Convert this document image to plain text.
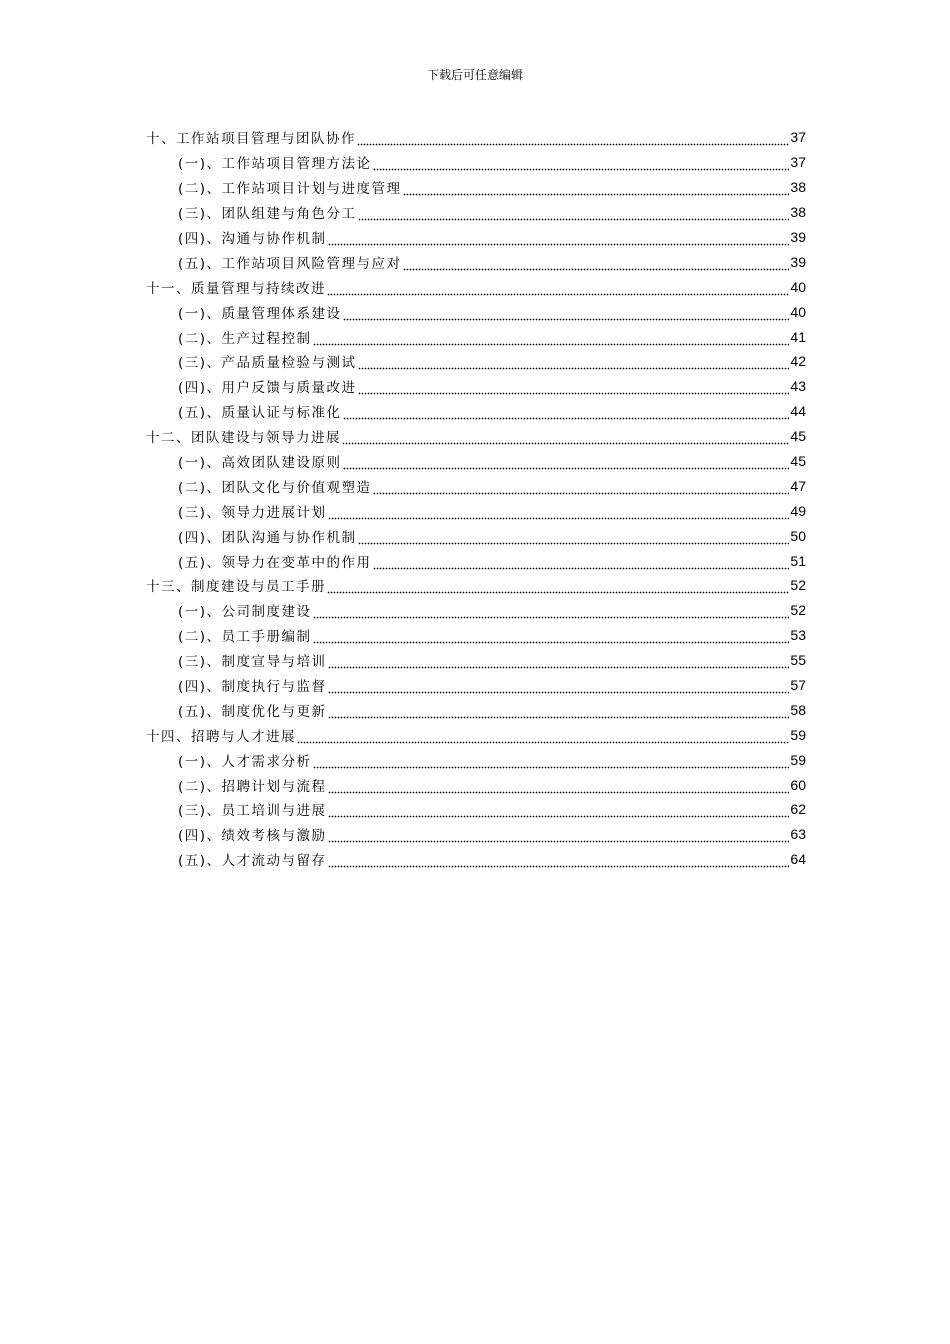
下载后可任意编辑
十、工作站项目管理与团队协作	37
(一)、工作站项目管理方法论	37
(二)、工作站项目计划与进度管理	38
(三)、团队组建与角色分工	38
(四)、沟通与协作机制	39
(五)、工作站项目风险管理与应对	39
十一、质量管理与持续改进	40
(一)、质量管理体系建设	40
(二)、生产过程控制	41
(三)、产品质量检验与测试	42
(四)、用户反馈与质量改进	43
(五)、质量认证与标准化	44
十二、团队建设与领导力进展	45
(一)、高效团队建设原则	45
(二)、团队文化与价值观塑造	47
(三)、领导力进展计划	49
(四)、团队沟通与协作机制	50
(五)、领导力在变革中的作用	51
十三、制度建设与员工手册	52
(一)、公司制度建设	52
(二)、员工手册编制	53
(三)、制度宣导与培训	55
(四)、制度执行与监督	57
(五)、制度优化与更新	58
十四、招聘与人才进展	59
(一)、人才需求分析	59
(二)、招聘计划与流程	60
(三)、员工培训与进展	62
(四)、绩效考核与激励	63
(五)、人才流动与留存	64
